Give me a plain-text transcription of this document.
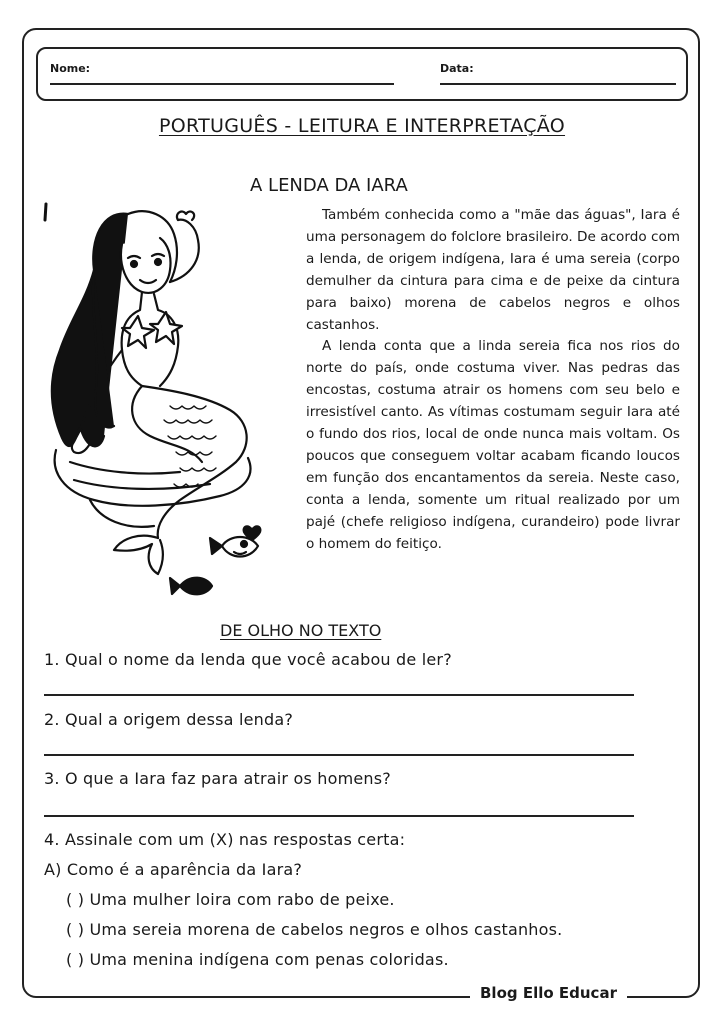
Nome:	Data:
PORTUGUÊS - LEITURA E INTERPRETAÇÃO
A LENDA DA IARA

Também conhecida como a "mãe das águas", Iara é uma personagem do folclore brasileiro. De acordo com a lenda, de origem indígena, Iara é uma sereia (corpo demulher da cintura para cima e de peixe da cintura para baixo) morena de cabelos negros e olhos castanhos.

A lenda conta que a linda sereia fica nos rios do norte do país, onde costuma viver. Nas pedras das encostas, costuma atrair os homens com seu belo e irresistível canto. As vítimas costumam seguir Iara até o fundo dos rios, local de onde nunca mais voltam. Os poucos que conseguem voltar acabam ficando loucos em função dos encantamentos da sereia. Neste caso, conta a lenda, somente um ritual realizado por um pajé (chefe religioso indígena, curandeiro) pode livrar o homem do feitiço.

DE OLHO NO TEXTO
1. Qual o nome da lenda que você acabou de ler?
2. Qual a origem dessa lenda?
3. O que a Iara faz para atrair os homens?
4. Assinale com um (X) nas respostas certa:
A) Como é a aparência da Iara?
( ) Uma mulher loira com rabo de peixe.
( ) Uma sereia morena de cabelos negros e olhos castanhos.
( ) Uma menina indígena com penas coloridas.
Blog Ello Educar
